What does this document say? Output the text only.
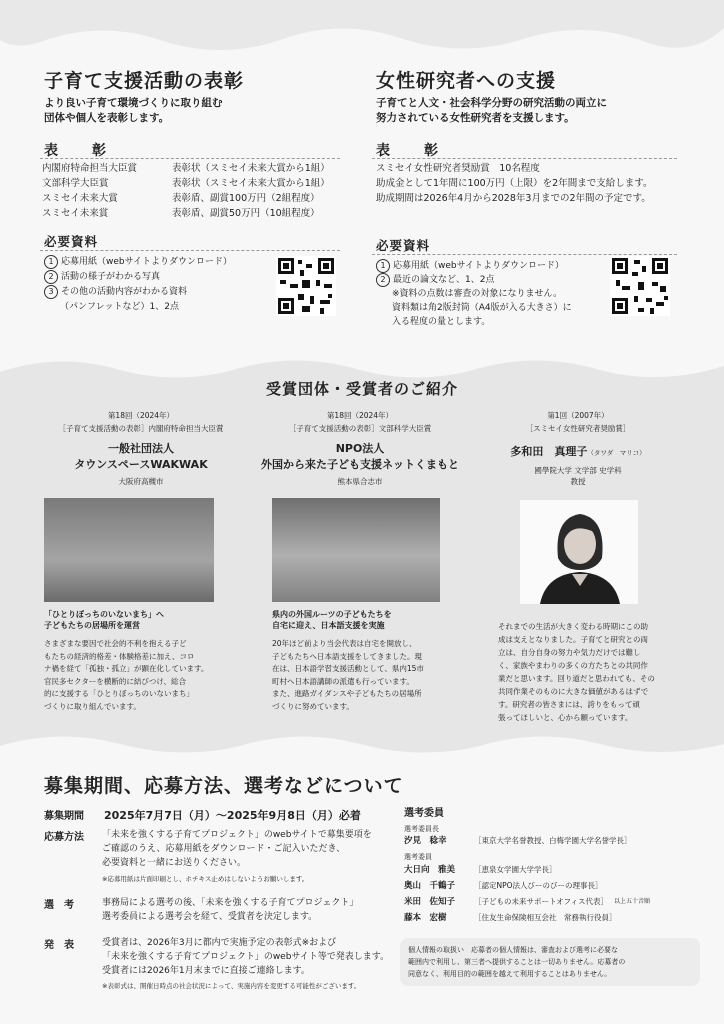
子育て支援活動の表彰
より良い子育て環境づくりに取り組む
団体や個人を表彰します。
表　彰
内閣府特命担当大臣賞	表彰状（スミセイ未来大賞から1組）
文部科学大臣賞	表彰状（スミセイ未来大賞から1組）
スミセイ未来大賞	表彰盾、副賞100万円（2組程度）
スミセイ未来賞	表彰盾、副賞50万円（10組程度）
必要資料
1 応募用紙（webサイトよりダウンロード）
2 活動の様子がわかる写真
3 その他の活動内容がわかる資料
（パンフレットなど）1、2点
女性研究者への支援
子育てと人文・社会科学分野の研究活動の両立に
努力されている女性研究者を支援します。
表　彰
スミセイ女性研究者奨励賞　10名程度
助成金として1年間に100万円（上限）を2年間まで支給します。
助成期間は2026年4月から2028年3月までの2年間の予定です。
必要資料
1 応募用紙（webサイトよりダウンロード）
2 最近の論文など、1、2点
※資料の点数は審査の対象になりません。
資料類は角2版封筒（A4版が入る大きさ）に
入る程度の量とします。
受賞団体・受賞者のご紹介
第18回（2024年）
［子育て支援活動の表彰］内閣府特命担当大臣賞
一般社団法人
タウンスペースWAKWAK
大阪府高槻市
「ひとりぼっちのいないまち」へ
子どもたちの居場所を運営
さまざまな要因で社会的不利を抱える子ど
もたちの経済的格差・体験格差に加え、コロ
ナ禍を経て「孤独・孤立」が顕在化しています。
官民多セクターを横断的に結びつけ、総合
的に支援する「ひとりぼっちのいないまち」
づくりに取り組んでいます。
第18回（2024年）
［子育て支援活動の表彰］文部科学大臣賞
NPO法人
外国から来た子ども支援ネットくまもと
熊本県合志市
県内の外国ルーツの子どもたちを
自宅に迎え、日本語支援を実施
20年ほど前より当会代表は自宅を開放し、
子どもたちへ日本語支援をしてきました。現
在は、日本語学習支援活動として、県内15市
町村へ日本語講師の派遣も行っています。
また、進路ガイダンスや子どもたちの居場所
づくりに努めています。
第1回（2007年）
［スミセイ女性研究者奨励賞］
多和田　真理子（タワダ　マリコ）
國學院大学 文学部 史学科
教授
それまでの生活が大きく変わる時期にこの助
成は支えとなりました。子育てと研究との両
立は、自分自身の努力や気力だけでは難し
く、家族やまわりの多くの方たちとの共同作
業だと思います。回り道だと思われても、その
共同作業そのものに大きな価値があるはずで
す。研究者の皆さまには、誇りをもって頑
張ってほしいと、心から願っています。
募集期間、応募方法、選考などについて
募集期間 2025年7月7日（月）〜2025年9月8日（月）必着
応募方法	「未来を強くする子育てプロジェクト」のwebサイトで募集要項を
ご確認のうえ、応募用紙をダウンロード・ご記入いただき、
必要資料と一緒にお送りください。
※応募用紙は片面印刷とし、ホチキス止めはしないようお願いします。
選　考	事務局による選考の後、「未来を強くする子育てプロジェクト」
選考委員による選考会を経て、受賞者を決定します。
発　表	受賞者は、2026年3月に都内で実施予定の表彰式※および
「未来を強くする子育てプロジェクト」のwebサイト等で発表します。
受賞者には2026年1月末までに直接ご連絡します。
※表彰式は、開催日時点の社会状況によって、実施内容を変更する可能性がございます。
選考委員
選考委員長
汐見　稔幸	［東京大学名誉教授、白梅学園大学名誉学長］
選考委員
大日向　雅美	［恵泉女学園大学学長］
奥山　千鶴子	［認定NPO法人びーのびーの理事長］
米田　佐知子	［子どもの未来サポートオフィス代表］ 以上五十音順
藤本　宏樹	［住友生命保険相互会社　常務執行役員］
個人情報の取扱い　応募者の個人情報は、審査および選考に必要な
範囲内で利用し、第三者へ提供することは一切ありません。応募者の
同意なく、利用目的の範囲を越えて利用することはありません。
